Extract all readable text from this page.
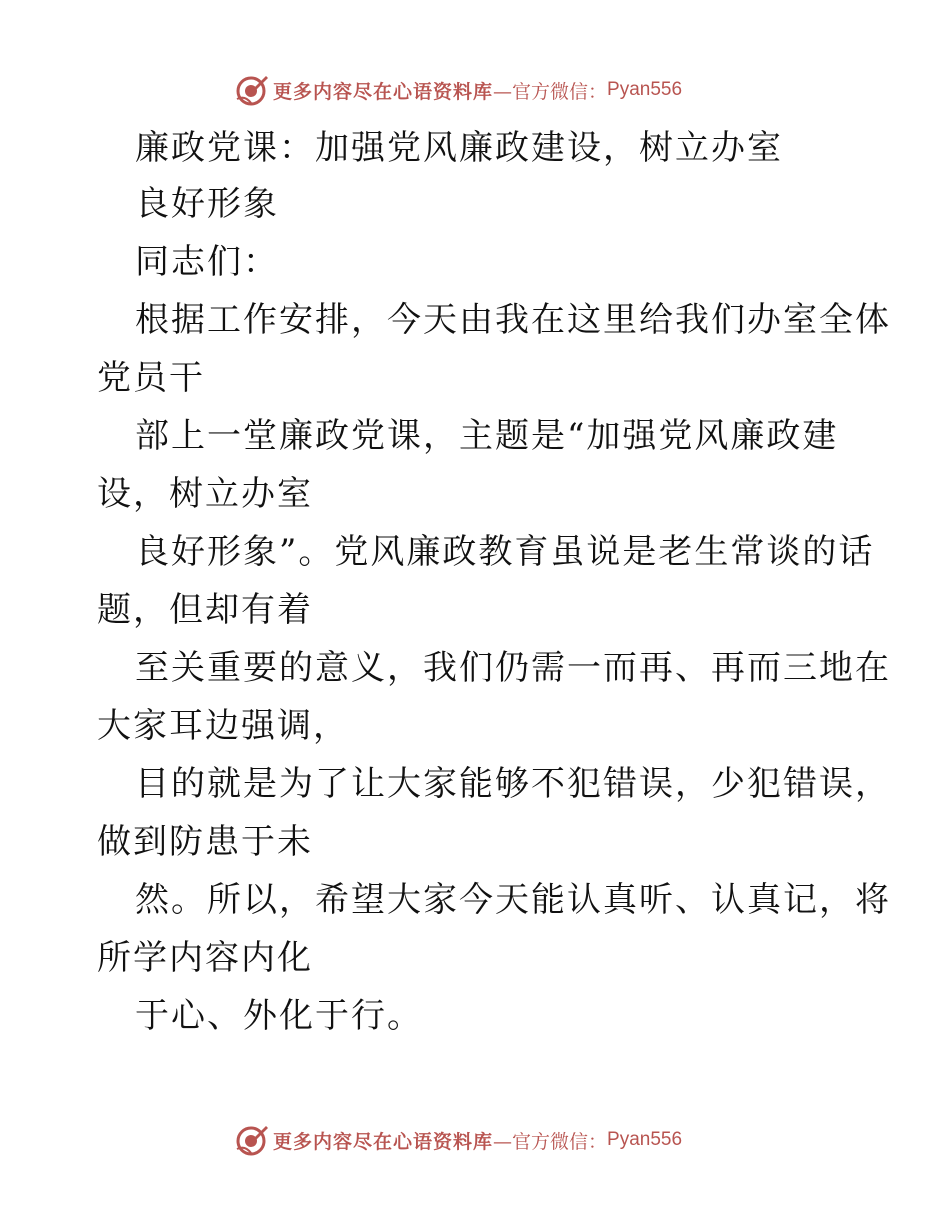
更多内容尽在心语资料库 —官方微信： Pyan556
廉政党课：加强党风廉政建设，树立办室
良好形象
同志们：
根据工作安排，今天由我在这里给我们办室全体
党员干
部上一堂廉政党课，主题是“加强党风廉政建
设，树立办室
良好形象”。党风廉政教育虽说是老生常谈的话
题，但却有着
至关重要的意义，我们仍需一而再、再而三地在
大家耳边强调，
目的就是为了让大家能够不犯错误，少犯错误，
做到防患于未
然。所以，希望大家今天能认真听、认真记，将
所学内容内化
于心、外化于行。
更多内容尽在心语资料库 —官方微信： Pyan556
